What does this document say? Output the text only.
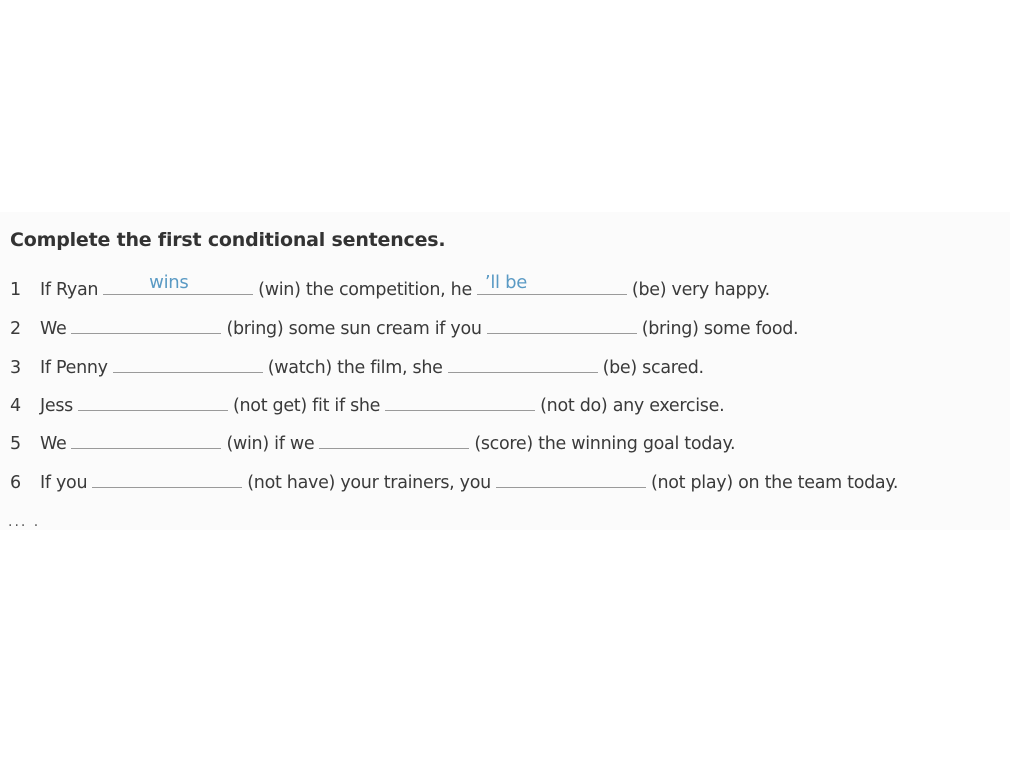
Complete the first conditional sentences.
1	If Ryan	wins	(win) the competition, he ’ll be	(be) very happy.
2	We	(bring) some sun cream if you	(bring) some food.
3	If Penny	(watch) the film, she	(be) scared.
4	Jess	(not get) fit if she	(not do) any exercise.
5	We	(win) if we	(score) the winning goal today.
6	If you	(not have) your trainers, you	(not play) on the team today.
··· ·
